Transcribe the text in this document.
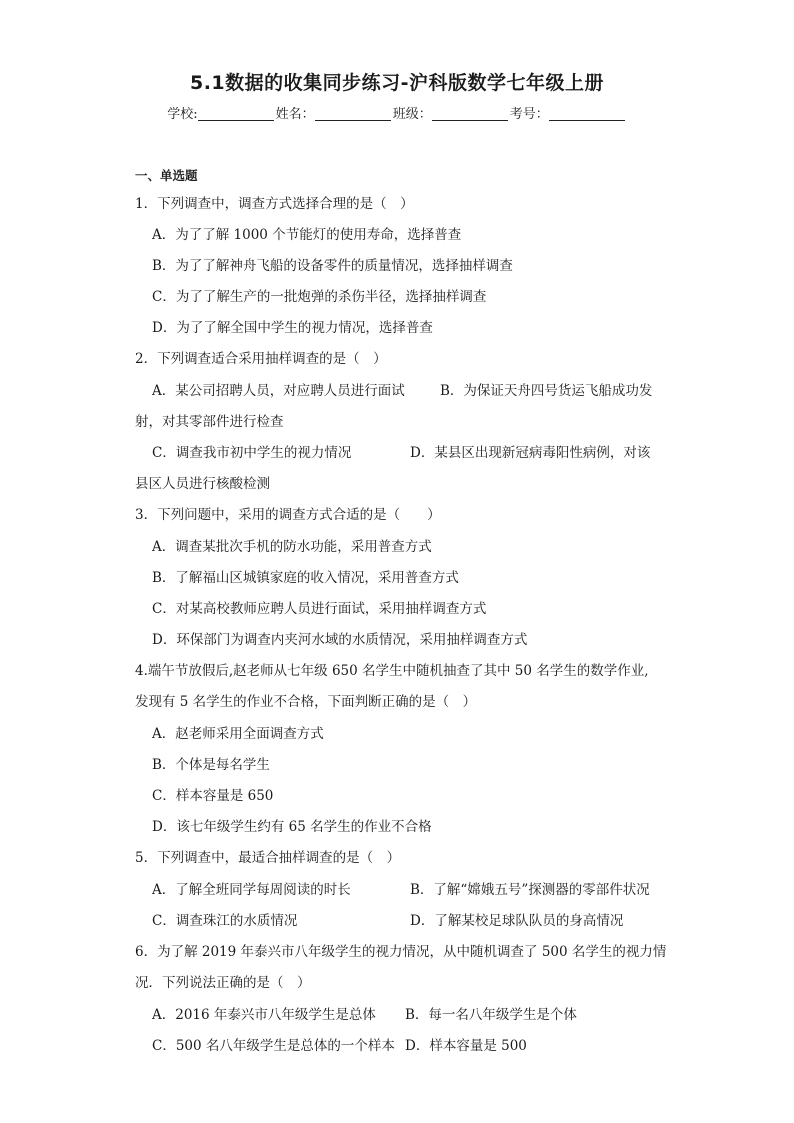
5.1数据的收集同步练习-沪科版数学七年级上册
学校:	姓名：	班级：	考号：
一、单选题
1．下列调查中，调查方式选择合理的是（　）
A．为了了解 1000 个节能灯的使用寿命，选择普查
B．为了了解神舟飞船的设备零件的质量情况，选择抽样调查
C．为了了解生产的一批炮弹的杀伤半径，选择抽样调查
D．为了了解全国中学生的视力情况，选择普查
2．下列调查适合采用抽样调查的是（　）
A．某公司招聘人员，对应聘人员进行面试	B．为保证天舟四号货运飞船成功发
射，对其零部件进行检查
C．调查我市初中学生的视力情况	D．某县区出现新冠病毒阳性病例，对该
县区人员进行核酸检测
3．下列问题中，采用的调查方式合适的是（　　）
A．调查某批次手机的防水功能，采用普查方式
B．了解福山区城镇家庭的收入情况，采用普查方式
C．对某高校教师应聘人员进行面试，采用抽样调查方式
D．环保部门为调查内夹河水域的水质情况，采用抽样调查方式
4.端午节放假后,赵老师从七年级 650 名学生中随机抽查了其中 50 名学生的数学作业,
发现有 5 名学生的作业不合格，下面判断正确的是（　）
A．赵老师采用全面调查方式
B．个体是每名学生
C．样本容量是 650
D．该七年级学生约有 65 名学生的作业不合格
5．下列调查中，最适合抽样调查的是（　）
A．了解全班同学每周阅读的时长	B．了解“嫦娥五号”探测器的零部件状况
C．调查珠江的水质情况	D．了解某校足球队队员的身高情况
6．为了解 2019 年泰兴市八年级学生的视力情况，从中随机调查了 500 名学生的视力情
况．下列说法正确的是（　）
A．2016 年泰兴市八年级学生是总体 B．每一名八年级学生是个体
C．500 名八年级学生是总体的一个样本 D．样本容量是 500
